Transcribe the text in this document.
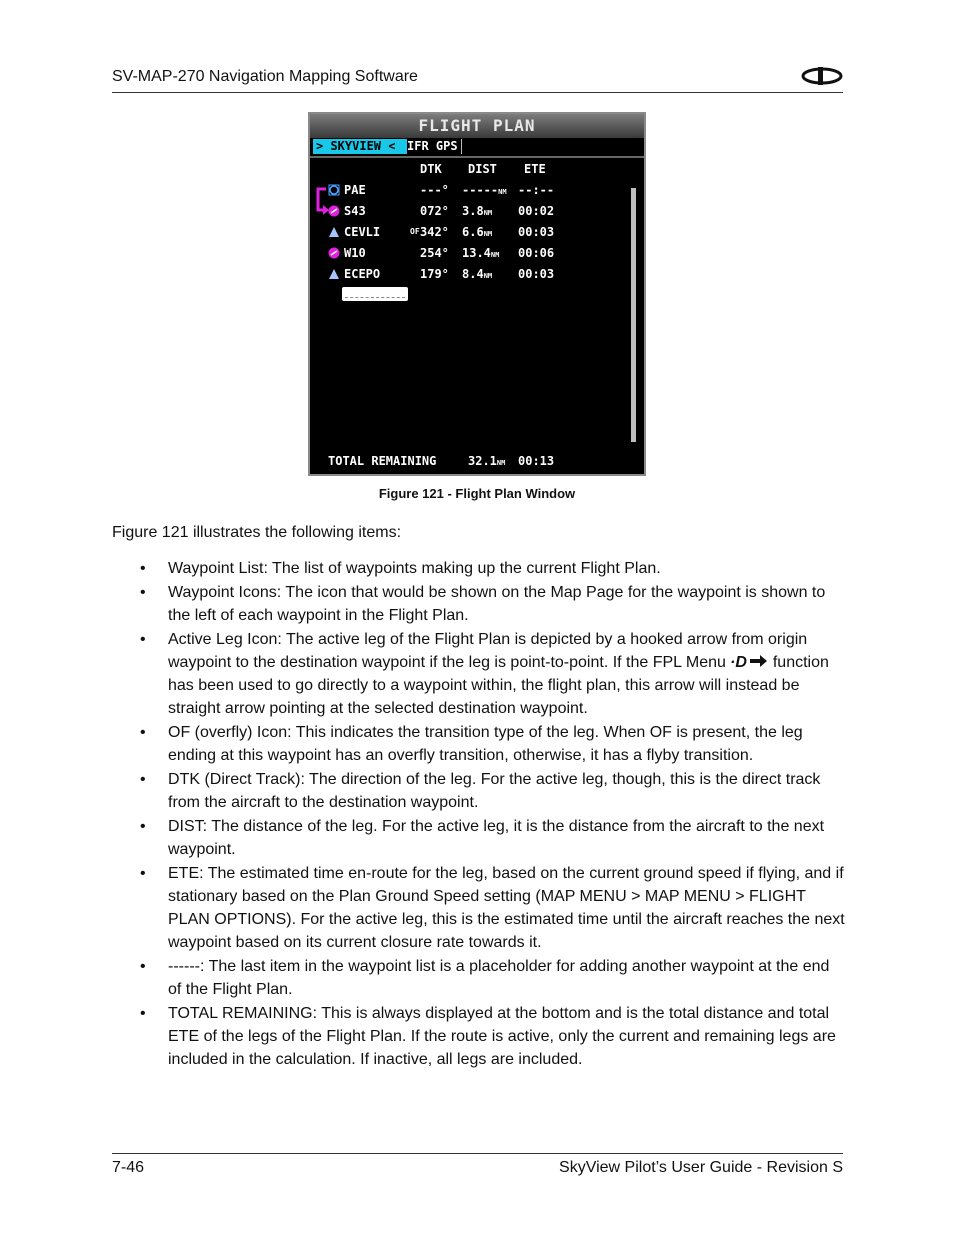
SV-MAP-270 Navigation Mapping Software
FLIGHT PLAN
> SKYVIEW < IFR GPS
DTK DIST ETE
PAE	---° -----NM --:--
S43	072° 3.8NM 00:02
CEVLI	OF 342° 6.6NM 00:03
W10	254° 13.4NM 00:06
ECEPO	179° 8.4NM 00:03
TOTAL REMAINING	32.1NM 00:13
Figure 121 - Flight Plan Window
Figure 121 illustrates the following items:
• Waypoint List: The list of waypoints making up the current Flight Plan.
• Waypoint Icons: The icon that would be shown on the Map Page for the waypoint is shown to the left of each waypoint in the Flight Plan.
• Active Leg Icon: The active leg of the Flight Plan is depicted by a hooked arrow from origin waypoint to the destination waypoint if the leg is point-to-point. If the FPL Menu ·D function has been used to go directly to a waypoint within, the flight plan, this arrow will instead be straight arrow pointing at the selected destination waypoint.
• OF (overfly) Icon: This indicates the transition type of the leg. When OF is present, the leg ending at this waypoint has an overfly transition, otherwise, it has a flyby transition.
• DTK (Direct Track): The direction of the leg. For the active leg, though, this is the direct track from the aircraft to the destination waypoint.
• DIST: The distance of the leg. For the active leg, it is the distance from the aircraft to the next waypoint.
• ETE: The estimated time en-route for the leg, based on the current ground speed if flying, and if stationary based on the Plan Ground Speed setting (MAP MENU > MAP MENU > FLIGHT PLAN OPTIONS). For the active leg, this is the estimated time until the aircraft reaches the next waypoint based on its current closure rate towards it.
• ------: The last item in the waypoint list is a placeholder for adding another waypoint at the end of the Flight Plan.
• TOTAL REMAINING: This is always displayed at the bottom and is the total distance and total ETE of the legs of the Flight Plan. If the route is active, only the current and remaining legs are included in the calculation. If inactive, all legs are included.
7-46	SkyView Pilot’s User Guide - Revision S
